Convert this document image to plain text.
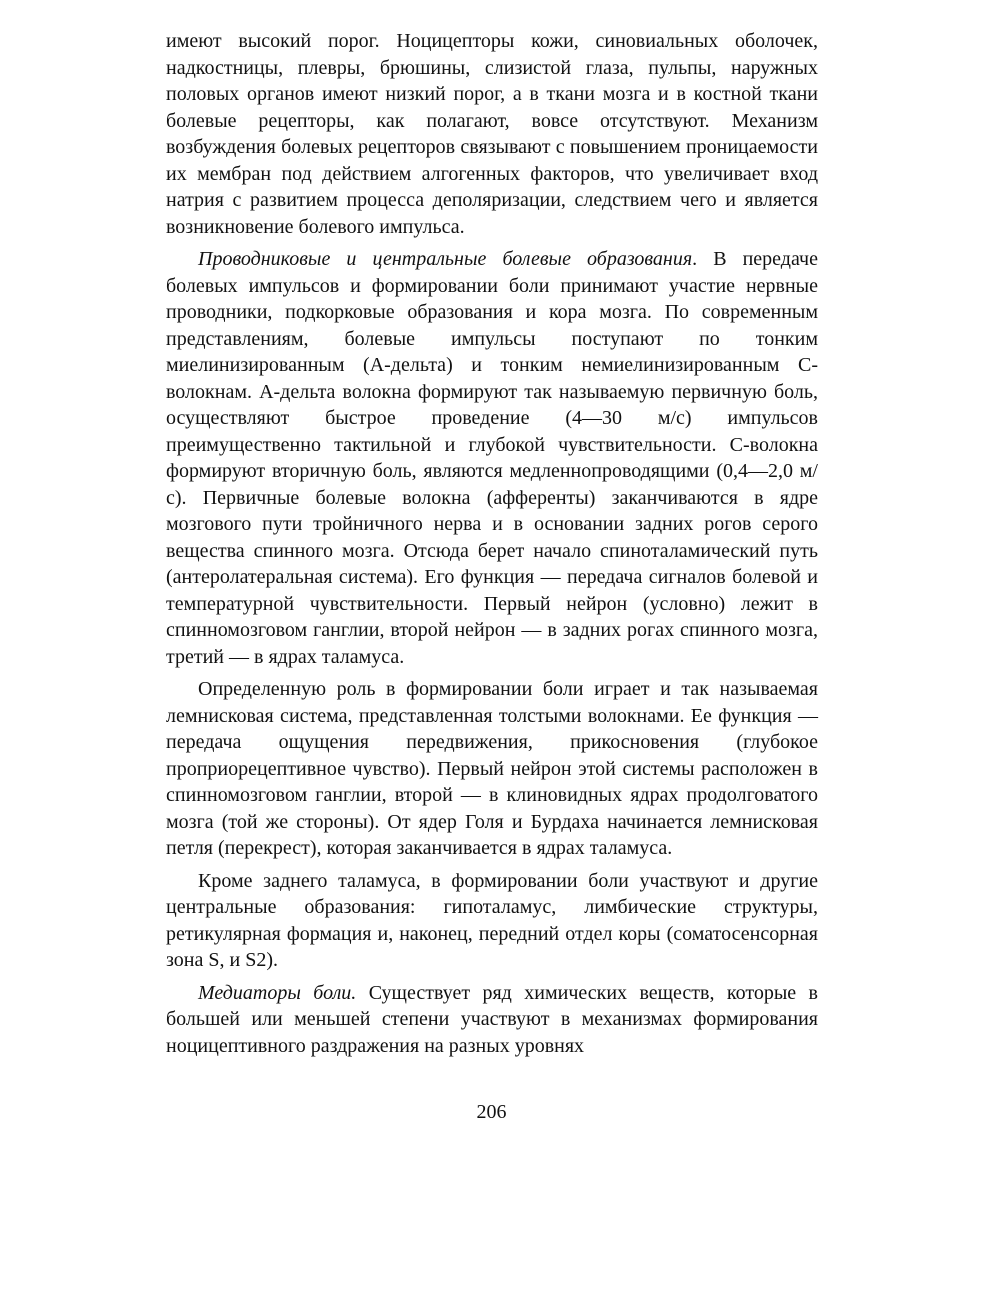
имеют высокий порог. Ноцицепторы кожи, синовиальных оболочек, надкостницы, плевры, брюшины, слизистой глаза, пульпы, наружных половых органов имеют низкий порог, а в ткани мозга и в костной ткани болевые рецепторы, как полагают, вовсе отсутствуют. Механизм возбуждения болевых рецепторов связывают с повышением проницаемости их мембран под действием алгогенных факторов, что увеличивает вход натрия с развитием процесса деполяризации, следствием чего и является возникновение болевого импульса.

Проводниковые и центральные болевые образования. В передаче болевых импульсов и формировании боли принимают участие нервные проводники, подкорковые образования и кора мозга. По современным представлениям, болевые импульсы поступают по тонким миелинизированным (А-дельта) и тонким немиелинизированным С-волокнам. А-дельта волокна формируют так называемую первичную боль, осуществляют быстрое проведение (4—30 м/с) импульсов преимущественно тактильной и глубокой чувствительности. С-волокна формируют вторичную боль, являются медленнопроводящими (0,4—2,0 м/с). Первичные болевые волокна (афференты) заканчиваются в ядре мозгового пути тройничного нерва и в основании задних рогов серого вещества спинного мозга. Отсюда берет начало спиноталамический путь (антеролатеральная система). Его функция — передача сигналов болевой и температурной чувствительности. Первый нейрон (условно) лежит в спинномозговом ганглии, второй нейрон — в задних рогах спинного мозга, третий — в ядрах таламуса.

Определенную роль в формировании боли играет и так называемая лемнисковая система, представленная толстыми волокнами. Ее функция — передача ощущения передвижения, прикосновения (глубокое проприорецептивное чувство). Первый нейрон этой системы расположен в спинномозговом ганглии, второй — в клиновидных ядрах продолговатого мозга (той же стороны). От ядер Голя и Бурдаха начинается лемнисковая петля (перекрест), которая заканчивается в ядрах таламуса.

Кроме заднего таламуса, в формировании боли участвуют и другие центральные образования: гипоталамус, лимбические структуры, ретикулярная формация и, наконец, передний отдел коры (соматосенсорная зона S, и S2).

Медиаторы боли. Существует ряд химических веществ, которые в большей или меньшей степени участвуют в механизмах формирования ноцицептивного раздражения на разных уровнях

206
